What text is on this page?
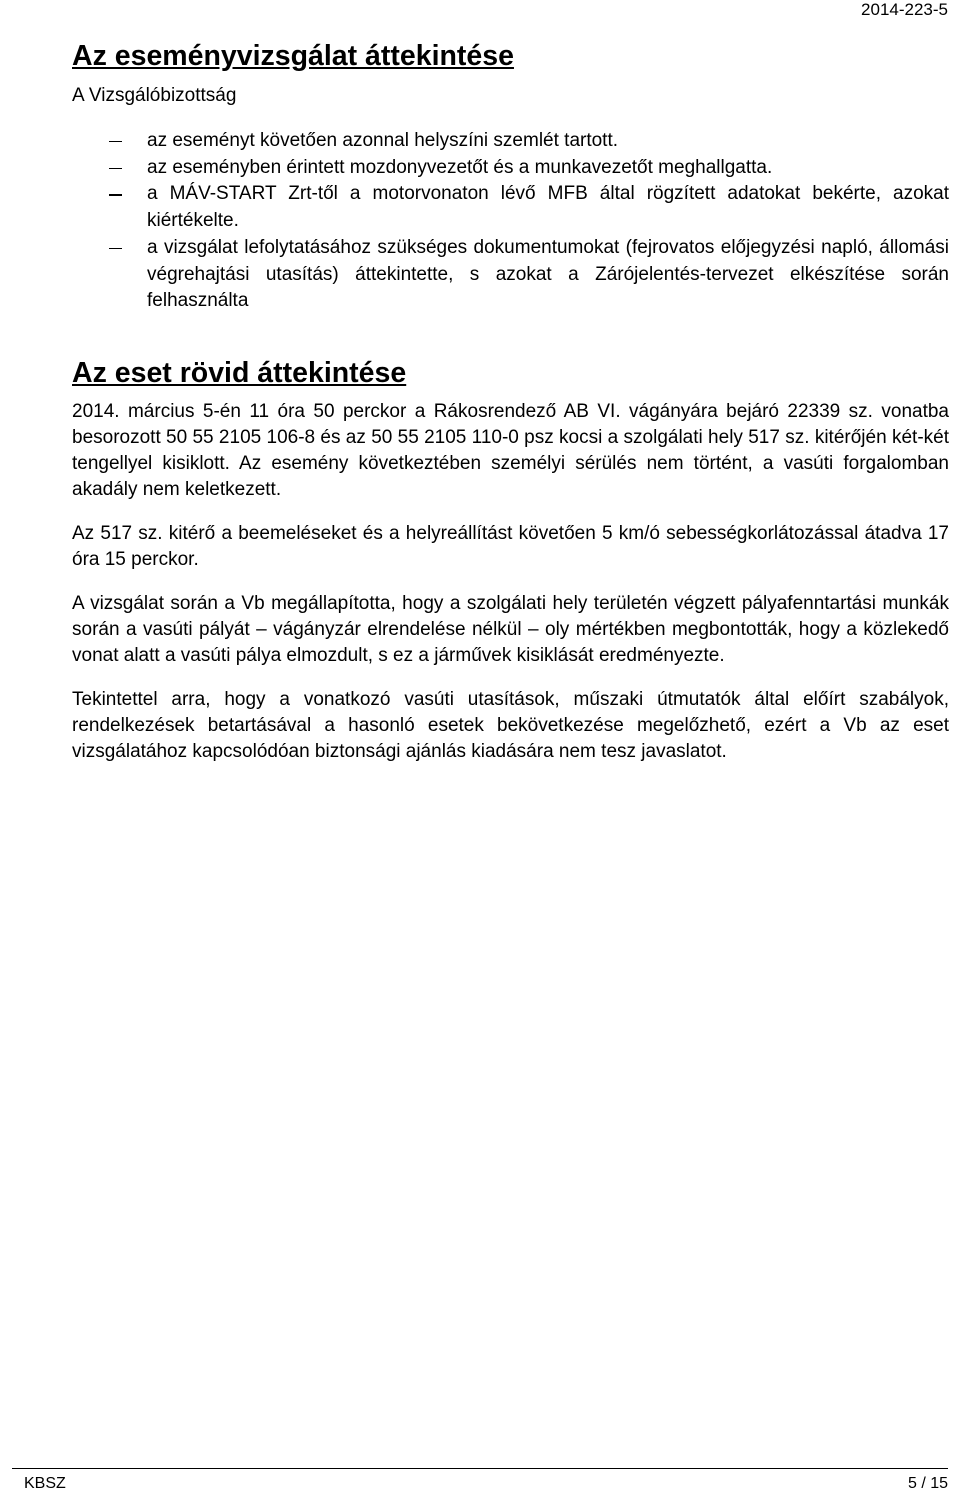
2014-223-5
Az eseményvizsgálat áttekintése

A Vizsgálóbizottság

az eseményt követően azonnal helyszíni szemlét tartott.
az eseményben érintett mozdonyvezetőt és a munkavezetőt meghallgatta.
a MÁV-START Zrt-től a motorvonaton lévő MFB által rögzített adatokat bekérte, azokat kiértékelte.
a vizsgálat lefolytatásához szükséges dokumentumokat (fejrovatos előjegyzési napló, állomási végrehajtási utasítás) áttekintette, s azokat a Zárójelentés-tervezet elkészítése során felhasználta
Az eset rövid áttekintése

2014. március 5-én 11 óra 50 perckor a Rákosrendező AB VI. vágányára bejáró 22339 sz. vonatba besorozott 50 55 2105 106-8 és az 50 55 2105 110-0 psz kocsi a szolgálati hely 517 sz. kitérőjén két-két tengellyel kisiklott. Az esemény következtében személyi sérülés nem történt, a vasúti forgalomban akadály nem keletkezett.

Az 517 sz. kitérő a beemeléseket és a helyreállítást követően 5 km/ó sebességkorlátozással átadva 17 óra 15 perckor.

A vizsgálat során a Vb megállapította, hogy a szolgálati hely területén végzett pályafenntartási munkák során a vasúti pályát – vágányzár elrendelése nélkül – oly mértékben megbontották, hogy a közlekedő vonat alatt a vasúti pálya elmozdult, s ez a járművek kisiklását eredményezte.

Tekintettel arra, hogy a vonatkozó vasúti utasítások, műszaki útmutatók által előírt szabályok, rendelkezések betartásával a hasonló esetek bekövetkezése megelőzhető, ezért a Vb az eset vizsgálatához kapcsolódóan biztonsági ajánlás kiadására nem tesz javaslatot.

KBSZ	5 / 15
